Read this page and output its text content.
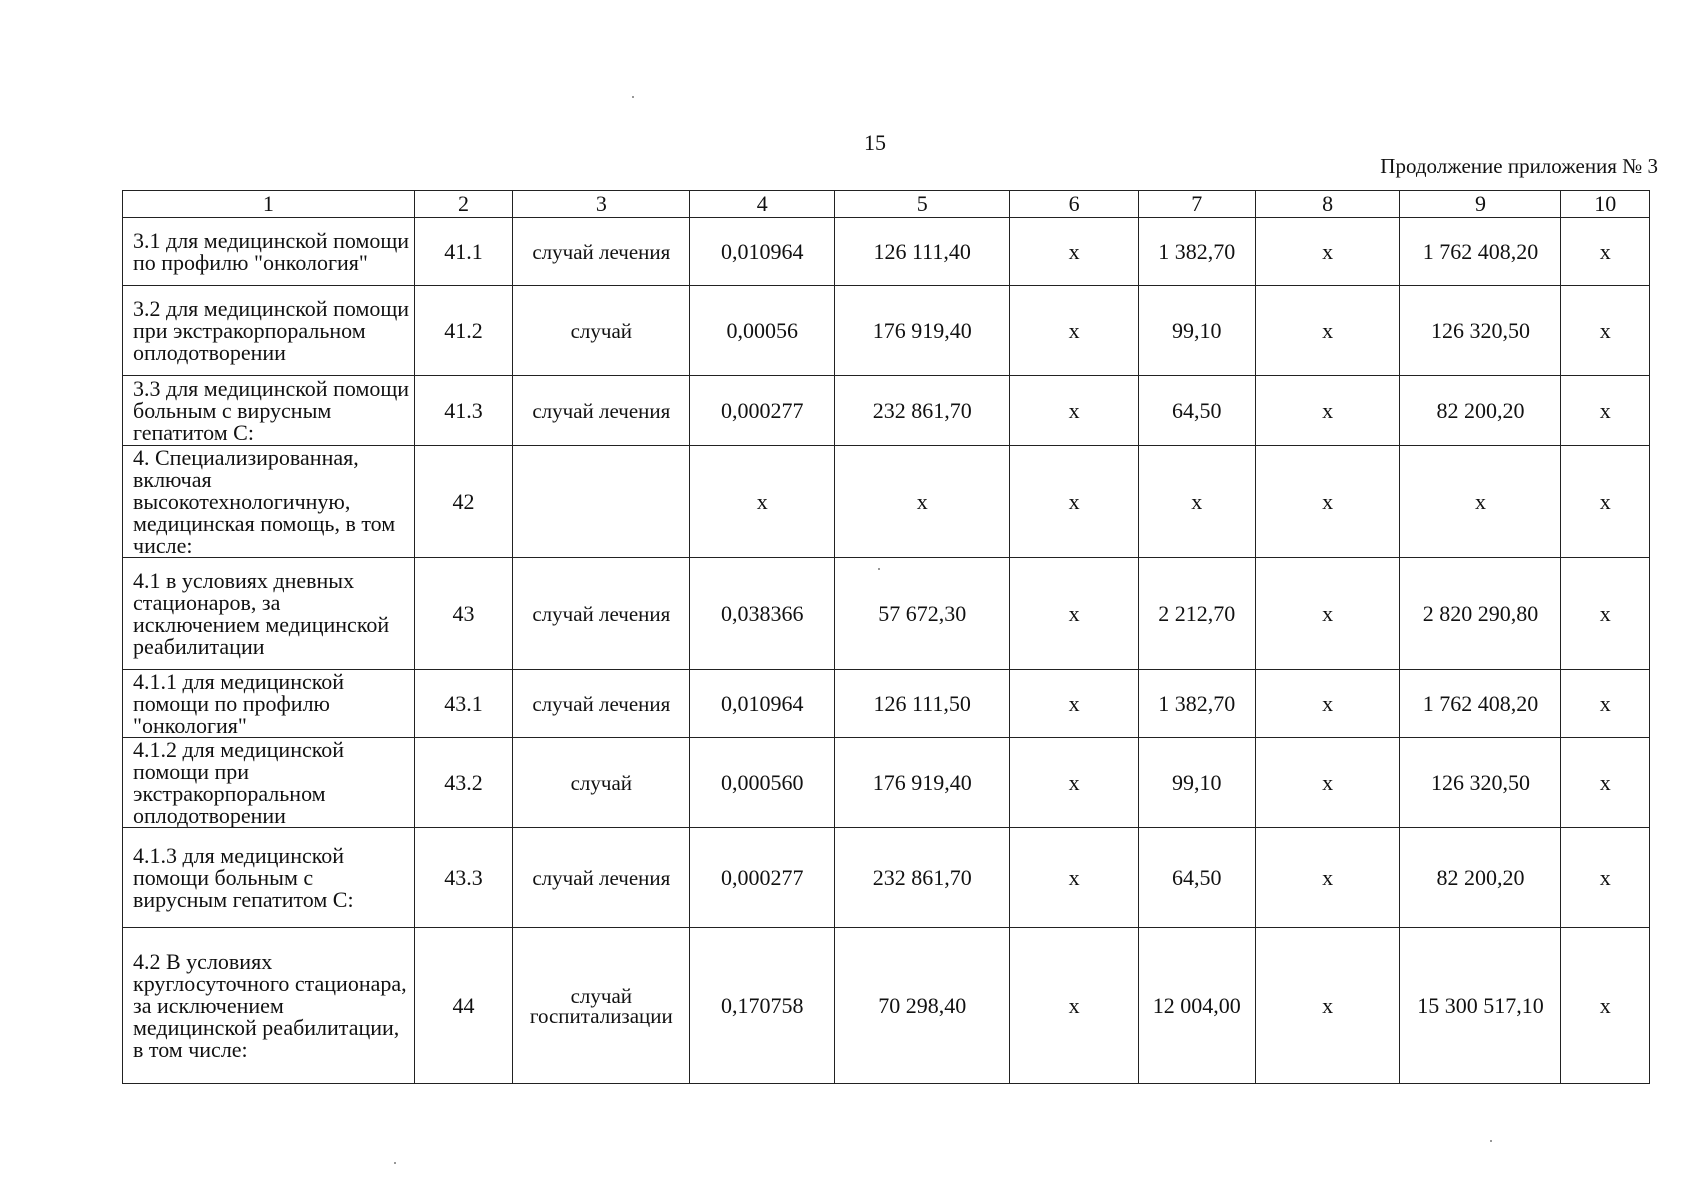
15
Продолжение приложения № 3
1	2	3	4	5	6	7	8	9	10
3.1 для медицинской помощи по профилю "онкология"	41.1	случай лечения	0,010964	126 111,40	х	1 382,70	х	1 762 408,20	х
3.2 для медицинской помощи при экстракорпоральном оплодотворении	41.2	случай	0,00056	176 919,40	х	99,10	х	126 320,50	х
3.3 для медицинской помощи больным с вирусным гепатитом С:	41.3	случай лечения	0,000277	232 861,70	х	64,50	х	82 200,20	х
4. Специализированная, включая высокотехнологичную, медицинская помощь, в том числе:	42		х	х	х	х	х	х	х
4.1 в условиях дневных стационаров, за исключением медицинской реабилитации	43	случай лечения	0,038366	57 672,30	х	2 212,70	х	2 820 290,80	х
4.1.1 для медицинской помощи по профилю "онкология"	43.1	случай лечения	0,010964	126 111,50	х	1 382,70	х	1 762 408,20	х
4.1.2 для медицинской помощи при экстракорпоральном оплодотворении	43.2	случай	0,000560	176 919,40	х	99,10	х	126 320,50	х
4.1.3 для медицинской помощи больным с вирусным гепатитом С:	43.3	случай лечения	0,000277	232 861,70	х	64,50	х	82 200,20	х
4.2 В условиях круглосуточного стационара, за исключением медицинской реабилитации, в том числе:	44	случай госпитализации	0,170758	70 298,40	х	12 004,00	х	15 300 517,10	х
